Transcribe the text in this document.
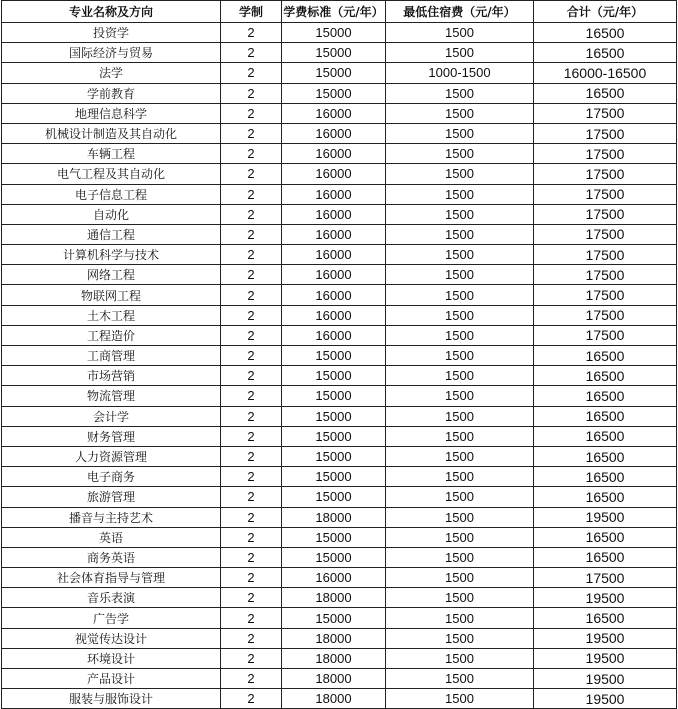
专业名称及方向	学制	学费标准（元/年）	最低住宿费（元/年）	合计（元/年）
投资学	2	15000	1500	16500
国际经济与贸易	2	15000	1500	16500
法学	2	15000	1000-1500	16000-16500
学前教育	2	15000	1500	16500
地理信息科学	2	16000	1500	17500
机械设计制造及其自动化	2	16000	1500	17500
车辆工程	2	16000	1500	17500
电气工程及其自动化	2	16000	1500	17500
电子信息工程	2	16000	1500	17500
自动化	2	16000	1500	17500
通信工程	2	16000	1500	17500
计算机科学与技术	2	16000	1500	17500
网络工程	2	16000	1500	17500
物联网工程	2	16000	1500	17500
土木工程	2	16000	1500	17500
工程造价	2	16000	1500	17500
工商管理	2	15000	1500	16500
市场营销	2	15000	1500	16500
物流管理	2	15000	1500	16500
会计学	2	15000	1500	16500
财务管理	2	15000	1500	16500
人力资源管理	2	15000	1500	16500
电子商务	2	15000	1500	16500
旅游管理	2	15000	1500	16500
播音与主持艺术	2	18000	1500	19500
英语	2	15000	1500	16500
商务英语	2	15000	1500	16500
社会体育指导与管理	2	16000	1500	17500
音乐表演	2	18000	1500	19500
广告学	2	15000	1500	16500
视觉传达设计	2	18000	1500	19500
环境设计	2	18000	1500	19500
产品设计	2	18000	1500	19500
服装与服饰设计	2	18000	1500	19500
